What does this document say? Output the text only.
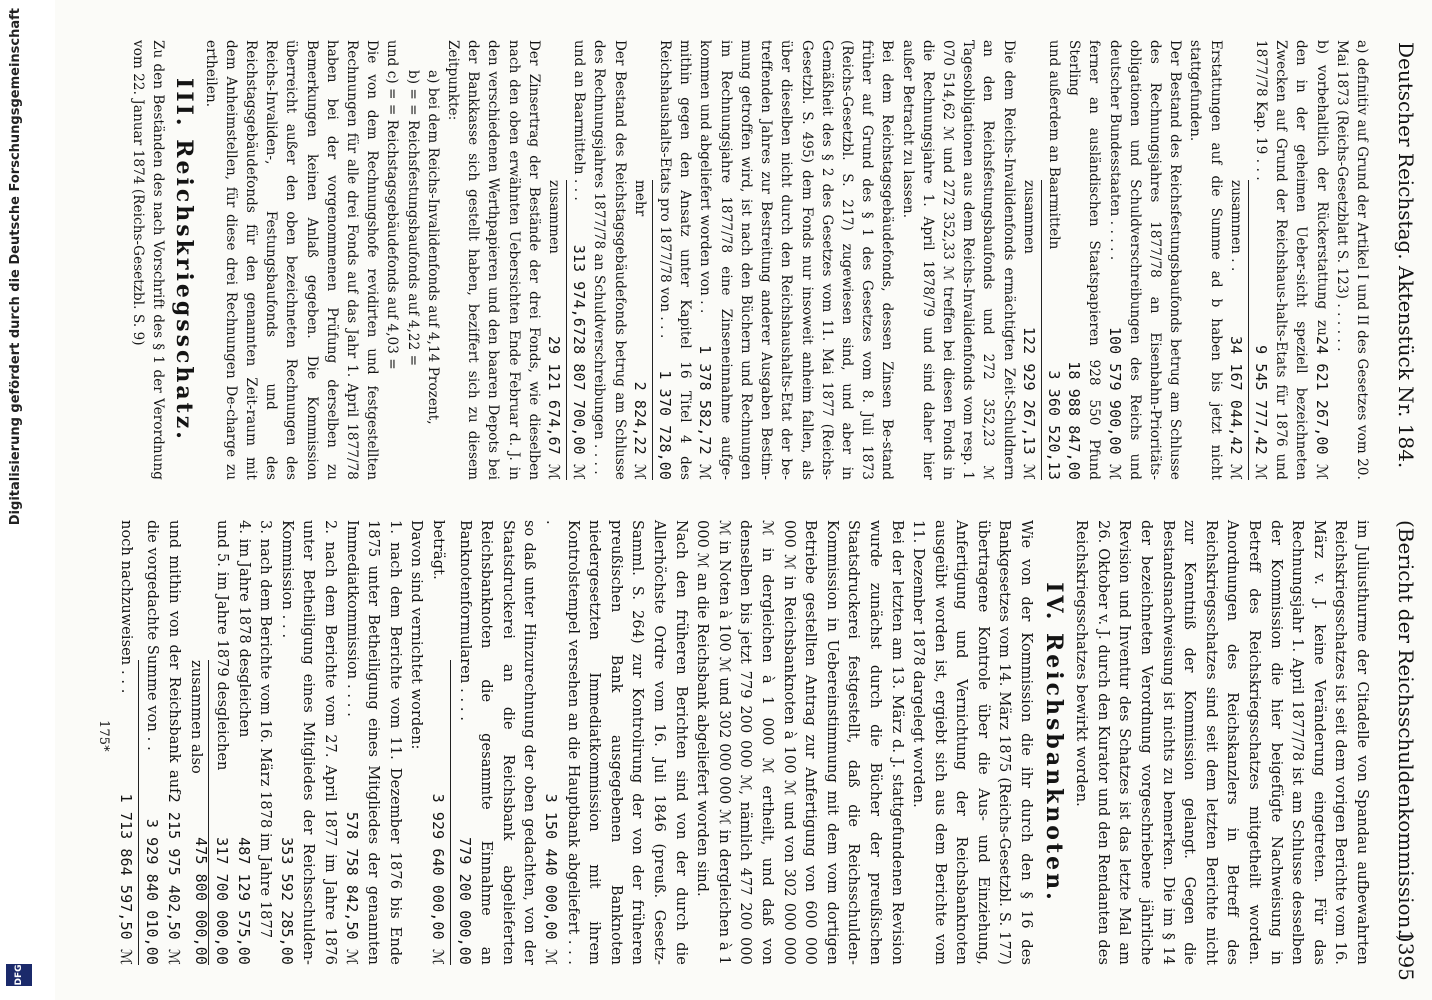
Digitalisierung gefördert durch die Deutsche Forschungsgemeinschaft
DFG
Deutscher Reichstag. Aktenstück Nr. 184.
(Bericht der Reichsschuldenkommission.)
1395

a) definitiv auf Grund der Artikel I und II des Gesetzes vom 20. Mai 1873 (Reichs-Gesetzblatt S. 123) . . . . . .
24 621 267,00 ℳ

b) vorbehaltlich der Rückerstattung zu den in der geheimen Ueber-sicht speziell bezeichneten Zwecken auf Grund der Reichshaus-halts-Etats für 1876 und 1877/78 Kap. 19 . . .
9 545 777,42 ℳ

zusammen . .
34 167 044,42 ℳ

Erstattungen auf die Summe ad b haben bis jetzt nicht stattgefunden.

Der Bestand des Reichsfestungsbaufonds betrug am Schlusse des Rechnungsjahres 1877/78 an Eisenbahn-Prioritäts-obligationen und Schuldverschreibungen des Reichs und deutscher Bundesstaaten . . . . .
100 579 900,00 ℳ

ferner an ausländischen Staatspapieren 928 550 Pfund Sterling
18 988 847,00

und außerdem an Baarmitteln
3 360 520,13

zusammen
122 929 267,13 ℳ

Die dem Reichs-Invalidenfonds ermächtigten Zeit-Schuldnern an den Reichsfestungsbaufonds und 272 352,23 ℳ Tagesobligationen aus dem Reichs-Invalidenfonds vom resp. 1 070 514,62 ℳ und 272 352,33 ℳ treffen bei diesen Fonds in die Rechnungsjahre 1. April 1878/79 und sind daher hier außer Betracht zu lassen.

Bei dem Reichstagsgebäudefonds, dessen Zinsen Be-stand früher auf Grund des § 1 des Gesetzes vom 8. Juli 1873 (Reichs-Gesetzbl. S. 217) zugewiesen sind, und aber in Gemäßheit des § 2 des Gesetzes vom 11. Mai 1877 (Reichs-Gesetzbl. S. 495) dem Fonds nur insoweit anheim fallen, als über dieselben nicht durch den Reichshaushalts-Etat der be-treffenden Jahres zur Bestreitung anderer Ausgaben Bestim-mung getroffen wird, ist nach den Büchern und Rechnungen im Rechnungsjahre 1877/78 eine Zinseneinnahme aufge-kommen und abgeliefert worden von . .
1 378 582,72 ℳ

mithin gegen den Ansatz unter Kapitel 16 Titel 4 des Reichshaushalts-Etats pro 1877/78 von . . .
1 370 728,00

mehr
2 824,22 ℳ

Der Bestand des Reichstagsgebäudefonds betrug am Schlusse des Rechnungsjahres 1877/78 an Schuldverschreibungen . . . .
28 807 700,00 ℳ

und an Baarmitteln . . .
313 974,67

zusammen
29 121 674,67 ℳ

Der Zinsertrag der Bestände der drei Fonds, wie dieselben nach den oben erwähnten Uebersichten Ende Februar d. J. in den verschiedenen Werthpapieren und den baaren Depots bei der Bankkasse sich gestellt haben, beziffert sich zu diesem Zeitpunkte:

a) bei dem Reichs-Invalidenfonds auf 4,14 Prozent,

b) = = Reichsfestungsbaufonds auf 4,22 =

und c) = = Reichstagsgebäudefonds auf 4,03 =

Die von dem Rechnungshofe revidirten und festgestellten Rechnungen für alle drei Fonds auf das Jahr 1. April 1877/78 haben bei der vorgenommenen Prüfung derselben zu Bemerkungen keinen Anlaß gegeben. Die Kommission überreicht außer den oben bezeichneten Rechnungen des Reichs-Invaliden-, Festungsbaufonds und des Reichstagsgebäudefonds für den genannten Zeit-raum mit dem Anheimstellen, für diese drei Rechnungen De-charge zu ertheilen.

III. Reichskriegsschatz.

Zu den Beständen des nach Vorschrift des § 1 der Verordnung vom 22. Januar 1874 (Reichs-Gesetzbl. S. 9)

im Juliusthurme der Citadelle von Spandau aufbewahrten Reichskriegsschatzes ist seit dem vorigen Berichte vom 16. März v. J. keine Veränderung eingetreten. Für das Rechnungsjahr 1. April 1877/78 ist am Schlusse desselben der Kommission die hier beigefügte Nachweisung in Betreff des Reichskriegsschatzes mitgetheilt worden. Anordnungen des Reichskanzlers in Betreff des Reichskriegsschatzes sind seit dem letzten Berichte nicht zur Kenntniß der Kommission gelangt. Gegen die Bestandsnachweisung ist nichts zu bemerken. Die im § 14 der bezeichneten Verordnung vorgeschriebene jährliche Revision und Inventur des Schatzes ist das letzte Mal am 26. Oktober v. J. durch den Kurator und den Rendanten des Reichskriegsschatzes bewirkt worden.

IV. Reichsbanknoten.

Wie von der Kommission die ihr durch den § 16 des Bankgesetzes vom 14. März 1875 (Reichs-Gesetzbl. S. 177) übertragene Kontrole über die Aus- und Einziehung, Anfertigung und Vernichtung der Reichsbanknoten ausgeübt worden ist, ergiebt sich aus dem Berichte vom 11. Dezember 1878 dargelegt worden.

Bei der letzten am 13. März d. J. stattgefundenen Revision wurde zunächst durch die Bücher der preußischen Staatsdruckerei festgestellt, daß die Reichsschulden-Kommission in Uebereinstimmung mit dem vom dortigen Betriebe gestellten Antrag zur Anfertigung von 600 000 000 ℳ in Reichsbanknoten à 100 ℳ und von 302 000 000 ℳ in dergleichen à 1 000 ℳ ertheilt, und daß von denselben bis jetzt 779 200 000 ℳ, nämlich 477 200 000 ℳ in Noten à 100 ℳ und 302 000 000 ℳ in dergleichen à 1 000 ℳ an die Reichsbank abgeliefert worden sind.

Nach den früheren Berichten sind von der durch die Allerhöchste Ordre vom 16. Juli 1846 (preuß. Gesetz-Samml. S. 264) zur Kontrolirung der von der früheren preußischen Bank ausgegebenen Banknoten niedergesetzten Immediatkommission mit ihrem Kontrolstempel versehen an die Hauptbank abgeliefert . . . .
3 150 440 000,00 ℳ

so daß unter Hinzurechnung der oben gedachten, von der Staatsdruckerei an die Reichsbank abgelieferten Reichsbanknoten die gesammte Einnahme an Banknotenformularen . . . .
779 200 000,00

beträgt.
3 929 640 000,00 ℳ

Davon sind vernichtet worden:

1. nach dem Berichte vom 11. Dezember 1876 bis Ende 1875 unter Betheiligung eines Mitgliedes der genannten Immediatkommission . . . .
578 758 842,50 ℳ

2. nach dem Berichte vom 27. April 1877 im Jahre 1876 unter Betheiligung eines Mitgliedes der Reichsschulden-Kommission . . .
353 592 285,00

3. nach dem Berichte vom 16. März 1878 im Jahre 1877
487 129 575,00

4. im Jahre 1878 desgleichen
317 700 000,00

und 5. im Jahre 1879 desgleichen
475 800 000,00

zusammen also
2 215 975 402,50 ℳ

und mithin von der Reichsbank auf die vorgedachte Summe von . .
3 929 840 010,00

noch nachzuweisen . . .
1 713 864 597,50 ℳ

175*
